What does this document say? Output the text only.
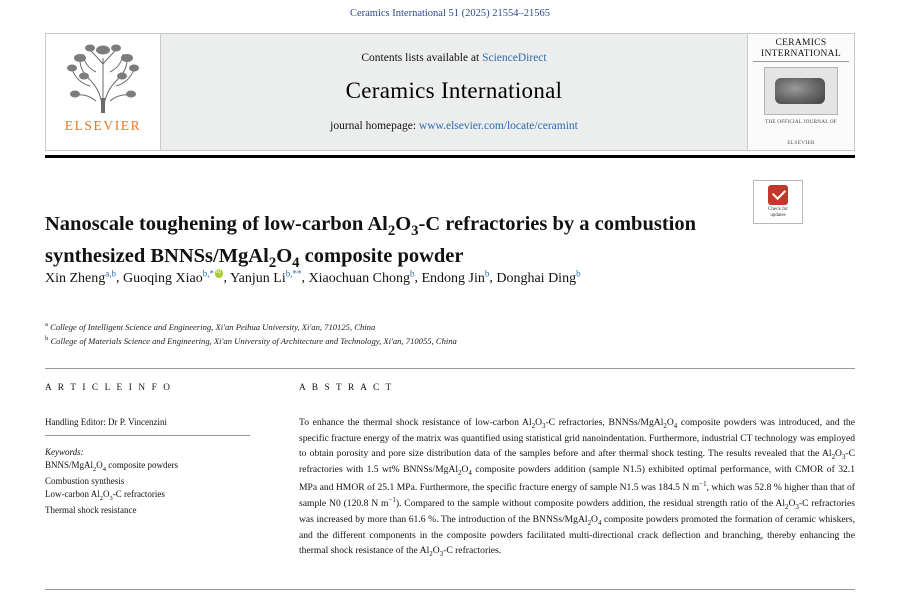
Ceramics International 51 (2025) 21554–21565
ELSEVIER
Contents lists available at ScienceDirect
Ceramics International
journal homepage: www.elsevier.com/locate/ceramint
CERAMICS
INTERNATIONAL
THE OFFICIAL JOURNAL OF
ELSEVIER
Nanoscale toughening of low-carbon $Al_2O_3-C$ refractories by a combustion synthesized BNNSs/$MgAl_2O_4$ composite powder
Check for
updates
Xin Zheng$^{a,b}$, Guoqing Xiao$^{b,*}$ iD , Yanjun $Li^{b,**}$, Xiaochuan Chong$^b$, Endong Jin$^b$, Donghai Ding$^b$
$^a$ College of Intelligent Science and Engineering, Xi'an Peihua University, Xi'an, 710125, China
$^b$ College of Materials Science and Engineering, Xi'an University of Architecture and Technology, Xi'an, 710055, China
A R T I C L E I N F O
Handling Editor: Dr P. Vincenzini
Keywords:
BNNS/$MgAl_2O_4$ composite powders
Combustion synthesis
Low-carbon $Al_2O_3-C$ refractories
Thermal shock resistance
A B S T R A C T
To enhance the thermal shock resistance of low-carbon $Al_2O_3-C$ refractories, BNNSs/$MgAl_2O_4$ composite powders was introduced, and the specific fracture energy of the matrix was quantified using statistical grid nanoindentation. Furthermore, industrial CT technology was employed to obtain porosity and pore size distribution data of the samples before and after thermal shock testing. The results revealed that the $Al_2O_3-C$ refractories with 1.5 wt% BNNSs/$MgAl_2O_4$ composite powders addition (sample N1.5) exhibited optimal performance, with CMOR of 32.1 MPa and HMOR of 25.1 MPa. Furthermore, the specific fracture energy of sample N1.5 was 184.5 N $m^{-1}$, which was 52.8 % higher than that of sample N0 (120.8 N $m^{-1}$). Compared to the sample without composite powders addition, the residual strength ratio of the $Al_2O_3-C$ refractories was increased by more than 61.6 %. The introduction of the BNNSs/$MgAl_2O_4$ composite powders promoted the formation of ceramic whiskers, and the different components in the composite powders facilitated multi-directional crack deflection and branching, thereby enhancing the thermal shock resistance of the $Al_2O_3-C$ refractories.
